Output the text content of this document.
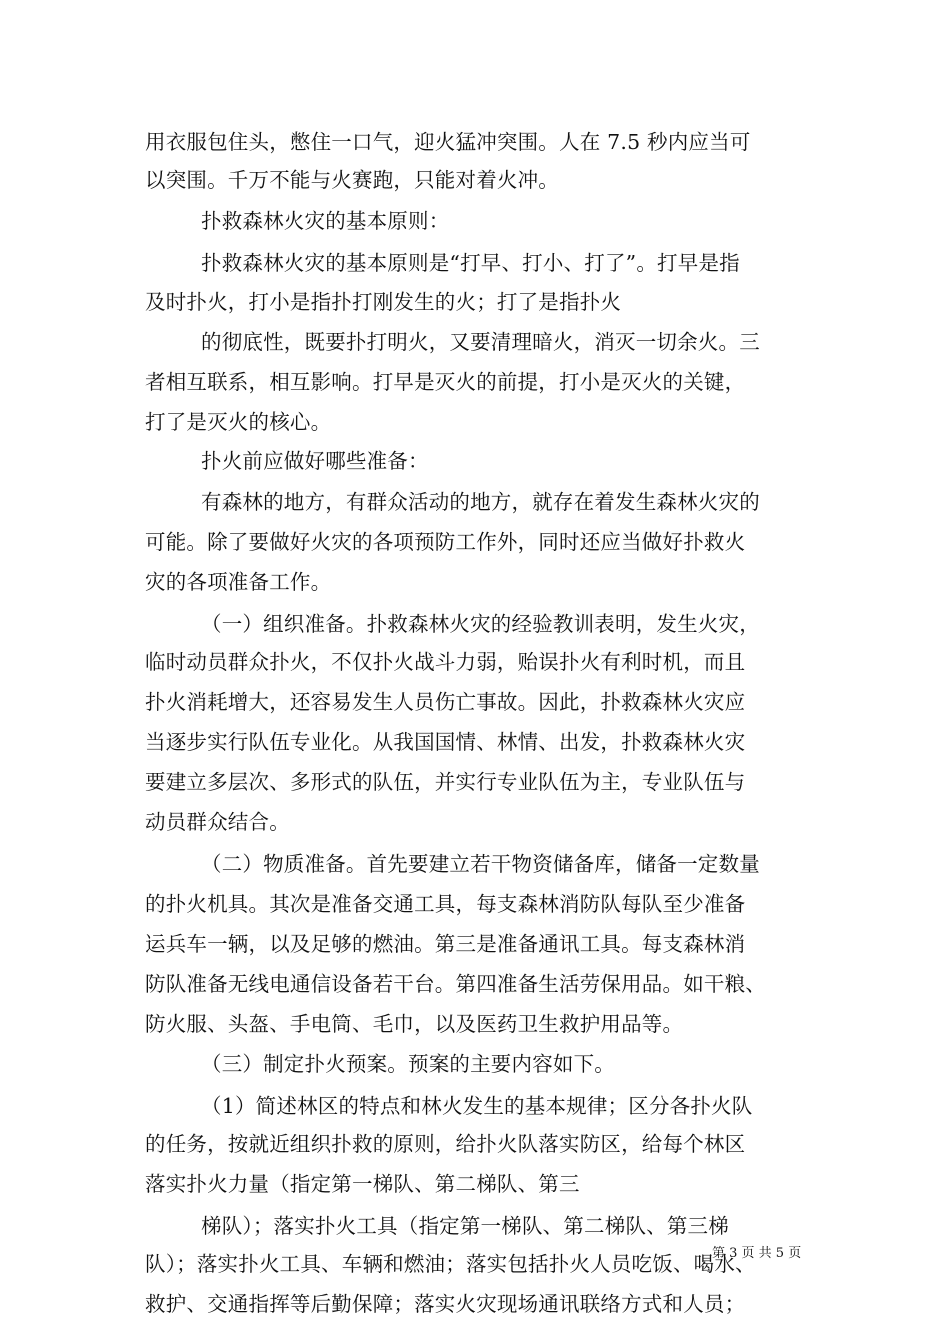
用衣服包住头，憋住一口气，迎火猛冲突围。人在 7.5 秒内应当可
以突围。千万不能与火赛跑，只能对着火冲。
扑救森林火灾的基本原则：
扑救森林火灾的基本原则是“打早、打小、打了”。打早是指
及时扑火，打小是指扑打刚发生的火；打了是指扑火
的彻底性，既要扑打明火，又要清理暗火，消灭一切余火。三
者相互联系，相互影响。打早是灭火的前提，打小是灭火的关键，
打了是灭火的核心。
扑火前应做好哪些准备：
有森林的地方，有群众活动的地方，就存在着发生森林火灾的
可能。除了要做好火灾的各项预防工作外，同时还应当做好扑救火
灾的各项准备工作。
（一）组织准备。扑救森林火灾的经验教训表明，发生火灾，
临时动员群众扑火，不仅扑火战斗力弱，贻误扑火有利时机，而且
扑火消耗增大，还容易发生人员伤亡事故。因此，扑救森林火灾应
当逐步实行队伍专业化。从我国国情、林情、出发，扑救森林火灾
要建立多层次、多形式的队伍，并实行专业队伍为主，专业队伍与
动员群众结合。
（二）物质准备。首先要建立若干物资储备库，储备一定数量
的扑火机具。其次是准备交通工具，每支森林消防队每队至少准备
运兵车一辆，以及足够的燃油。第三是准备通讯工具。每支森林消
防队准备无线电通信设备若干台。第四准备生活劳保用品。如干粮、
防火服、头盔、手电筒、毛巾，以及医药卫生救护用品等。
（三）制定扑火预案。预案的主要内容如下。
（1）简述林区的特点和林火发生的基本规律；区分各扑火队
的任务，按就近组织扑救的原则，给扑火队落实防区，给每个林区
落实扑火力量（指定第一梯队、第二梯队、第三
梯队）；落实扑火工具（指定第一梯队、第二梯队、第三梯
队）；落实扑火工具、车辆和燃油；落实包括扑火人员吃饭、喝水、
救护、交通指挥等后勤保障；落实火灾现场通讯联络方式和人员；
第 3 页 共 5 页
